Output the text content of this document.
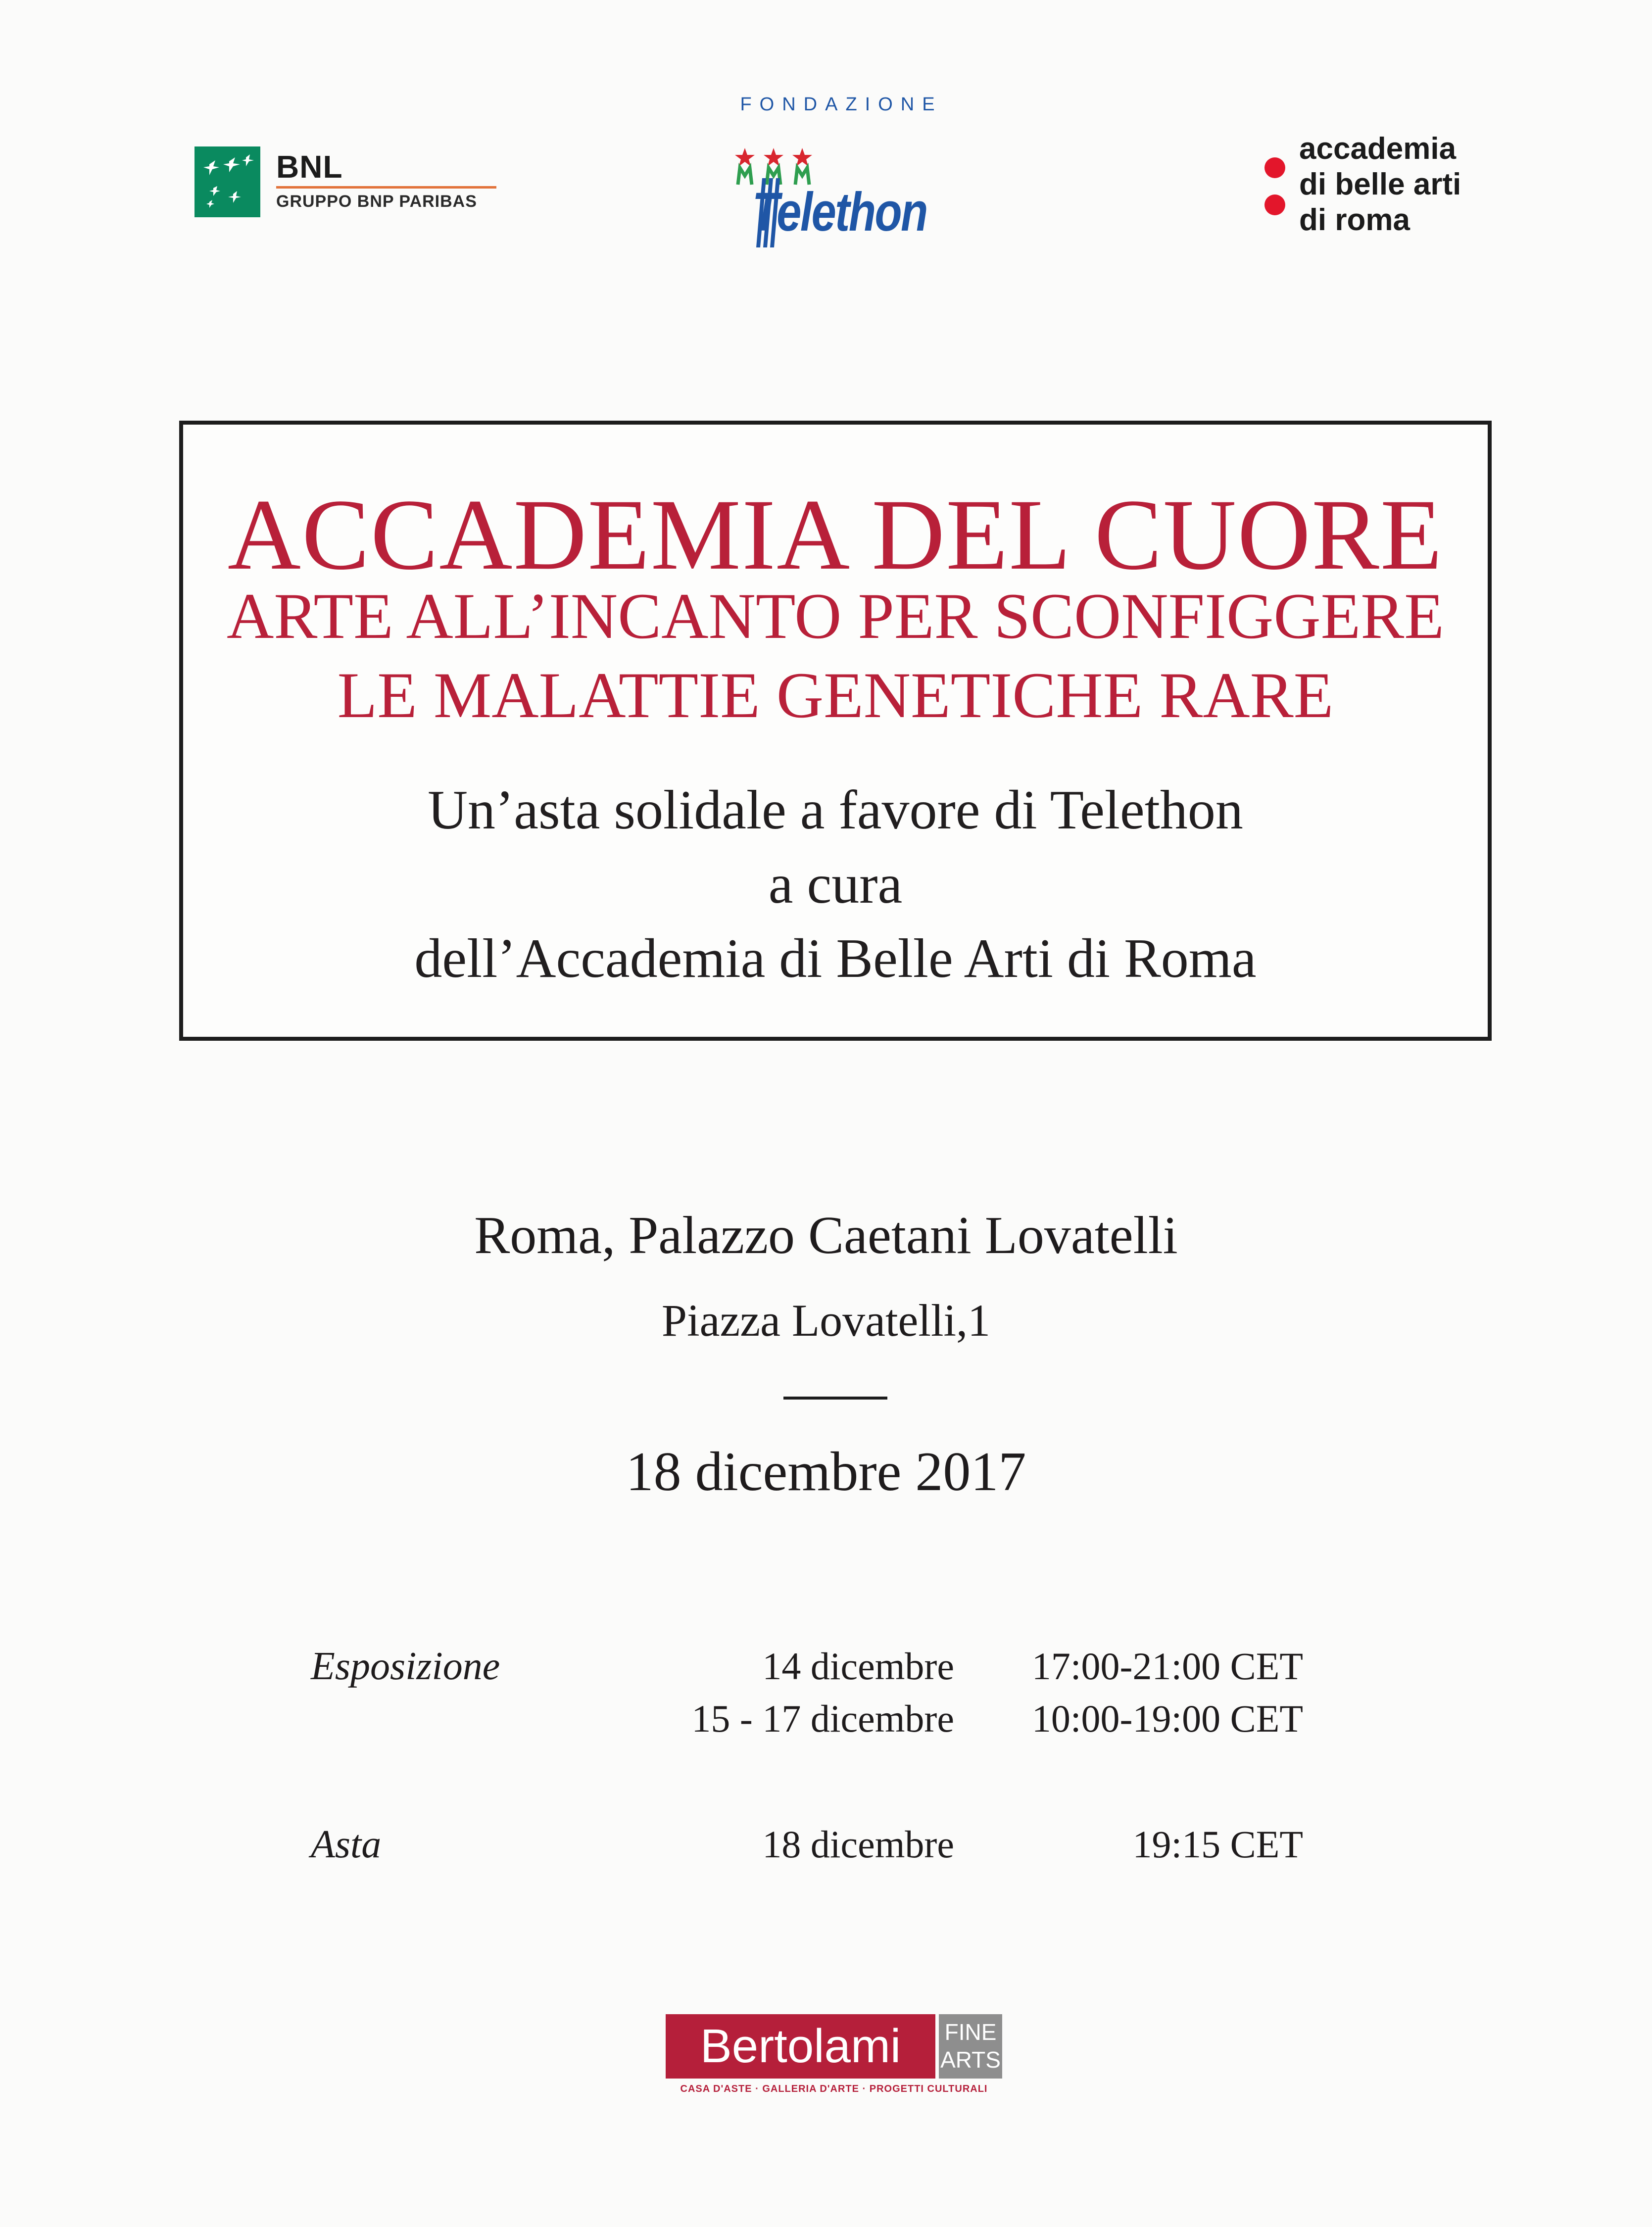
BNL
GRUPPO BNP PARIBAS
FONDAZIONE
Telethon
accademia
di belle arti
di roma
ACCADEMIA DEL CUORE
ARTE ALL’INCANTO PER SCONFIGGERE
LE MALATTIE GENETICHE RARE
Un’asta solidale a favore di Telethon
a cura
dell’Accademia di Belle Arti di Roma
Roma, Palazzo Caetani Lovatelli
Piazza Lovatelli,1
18 dicembre 2017
Esposizione	14 dicembre 17:00-21:00 CET
15 - 17 dicembre 10:00-19:00 CET
Asta	18 dicembre	19:15 CET
Bertolami	FINE
ARTS
CASA D'ASTE · GALLERIA D'ARTE · PROGETTI CULTURALI
